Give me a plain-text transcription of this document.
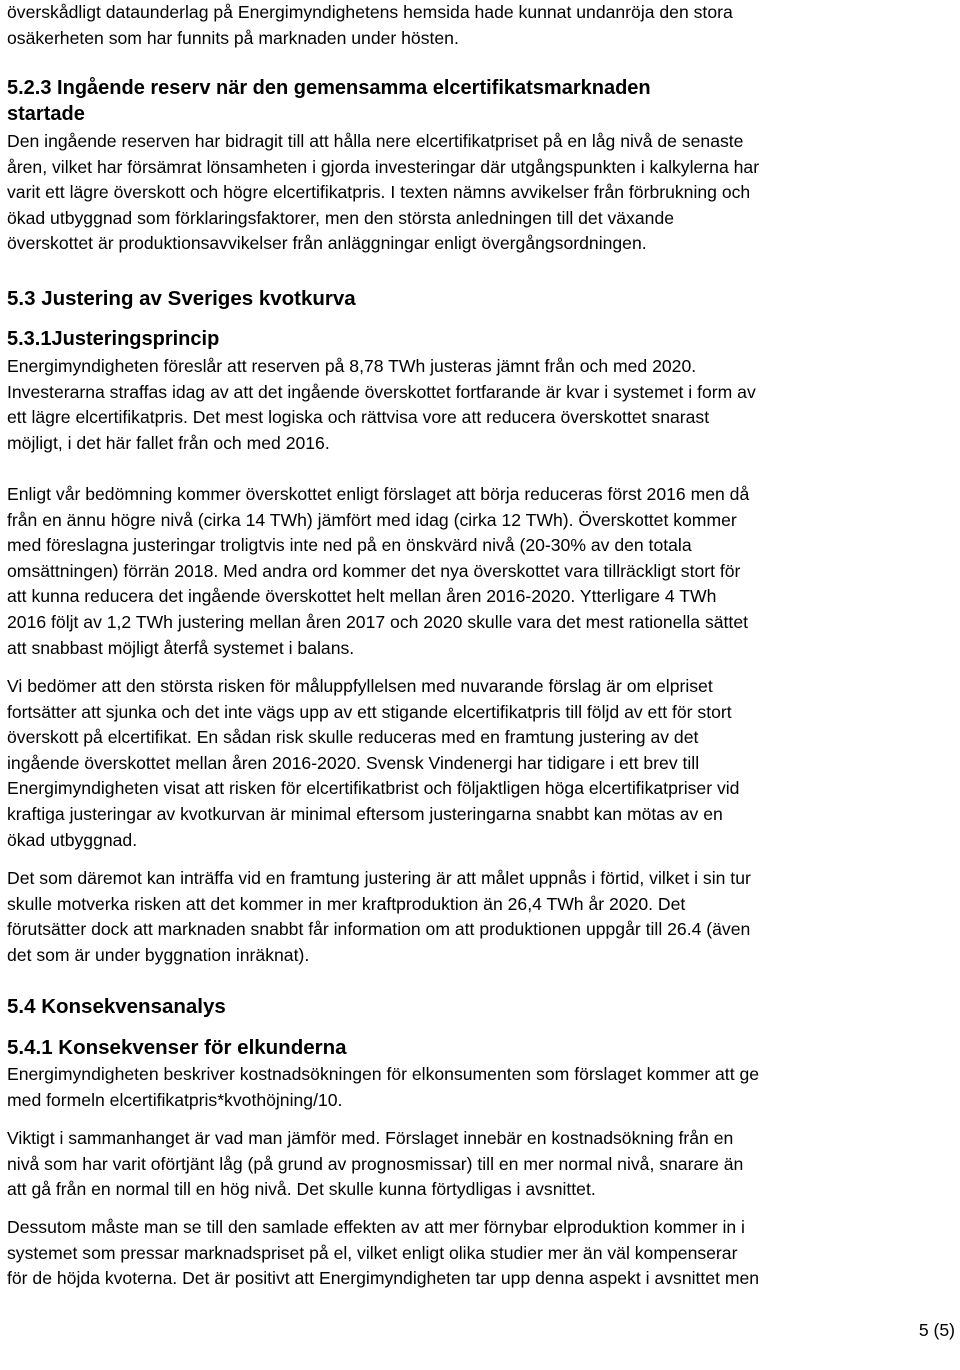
överskådligt dataunderlag på Energimyndighetens hemsida hade kunnat undanröja den stora
osäkerheten som har funnits på marknaden under hösten.
5.2.3 Ingående reserv när den gemensamma elcertifikatsmarknaden
startade
Den ingående reserven har bidragit till att hålla nere elcertifikatpriset på en låg nivå de senaste
åren, vilket har försämrat lönsamheten i gjorda investeringar där utgångspunkten i kalkylerna har
varit ett lägre överskott och högre elcertifikatpris. I texten nämns avvikelser från förbrukning och
ökad utbyggnad som förklaringsfaktorer, men den största anledningen till det växande
överskottet är produktionsavvikelser från anläggningar enligt övergångsordningen.
5.3 Justering av Sveriges kvotkurva
5.3.1Justeringsprincip
Energimyndigheten föreslår att reserven på 8,78 TWh justeras jämnt från och med 2020.
Investerarna straffas idag av att det ingående överskottet fortfarande är kvar i systemet i form av
ett lägre elcertifikatpris. Det mest logiska och rättvisa vore att reducera överskottet snarast
möjligt, i det här fallet från och med 2016.
Enligt vår bedömning kommer överskottet enligt förslaget att börja reduceras först 2016 men då
från en ännu högre nivå (cirka 14 TWh) jämfört med idag (cirka 12 TWh). Överskottet kommer
med föreslagna justeringar troligtvis inte ned på en önskvärd nivå (20-30% av den totala
omsättningen) förrän 2018. Med andra ord kommer det nya överskottet vara tillräckligt stort för
att kunna reducera det ingående överskottet helt mellan åren 2016-2020. Ytterligare 4 TWh
2016 följt av 1,2 TWh justering mellan åren 2017 och 2020 skulle vara det mest rationella sättet
att snabbast möjligt återfå systemet i balans.
Vi bedömer att den största risken för måluppfyllelsen med nuvarande förslag är om elpriset
fortsätter att sjunka och det inte vägs upp av ett stigande elcertifikatpris till följd av ett för stort
överskott på elcertifikat. En sådan risk skulle reduceras med en framtung justering av det
ingående överskottet mellan åren 2016-2020. Svensk Vindenergi har tidigare i ett brev till
Energimyndigheten visat att risken för elcertifikatbrist och följaktligen höga elcertifikatpriser vid
kraftiga justeringar av kvotkurvan är minimal eftersom justeringarna snabbt kan mötas av en
ökad utbyggnad.
Det som däremot kan inträffa vid en framtung justering är att målet uppnås i förtid, vilket i sin tur
skulle motverka risken att det kommer in mer kraftproduktion än 26,4 TWh år 2020. Det
förutsätter dock att marknaden snabbt får information om att produktionen uppgår till 26.4 (även
det som är under byggnation inräknat).
5.4 Konsekvensanalys
5.4.1 Konsekvenser för elkunderna
Energimyndigheten beskriver kostnadsökningen för elkonsumenten som förslaget kommer att ge
med formeln elcertifikatpris*kvothöjning/10.
Viktigt i sammanhanget är vad man jämför med. Förslaget innebär en kostnadsökning från en
nivå som har varit oförtjänt låg (på grund av prognosmissar) till en mer normal nivå, snarare än
att gå från en normal till en hög nivå. Det skulle kunna förtydligas i avsnittet.
Dessutom måste man se till den samlade effekten av att mer förnybar elproduktion kommer in i
systemet som pressar marknadspriset på el, vilket enligt olika studier mer än väl kompenserar
för de höjda kvoterna. Det är positivt att Energimyndigheten tar upp denna aspekt i avsnittet men
5 (5)
